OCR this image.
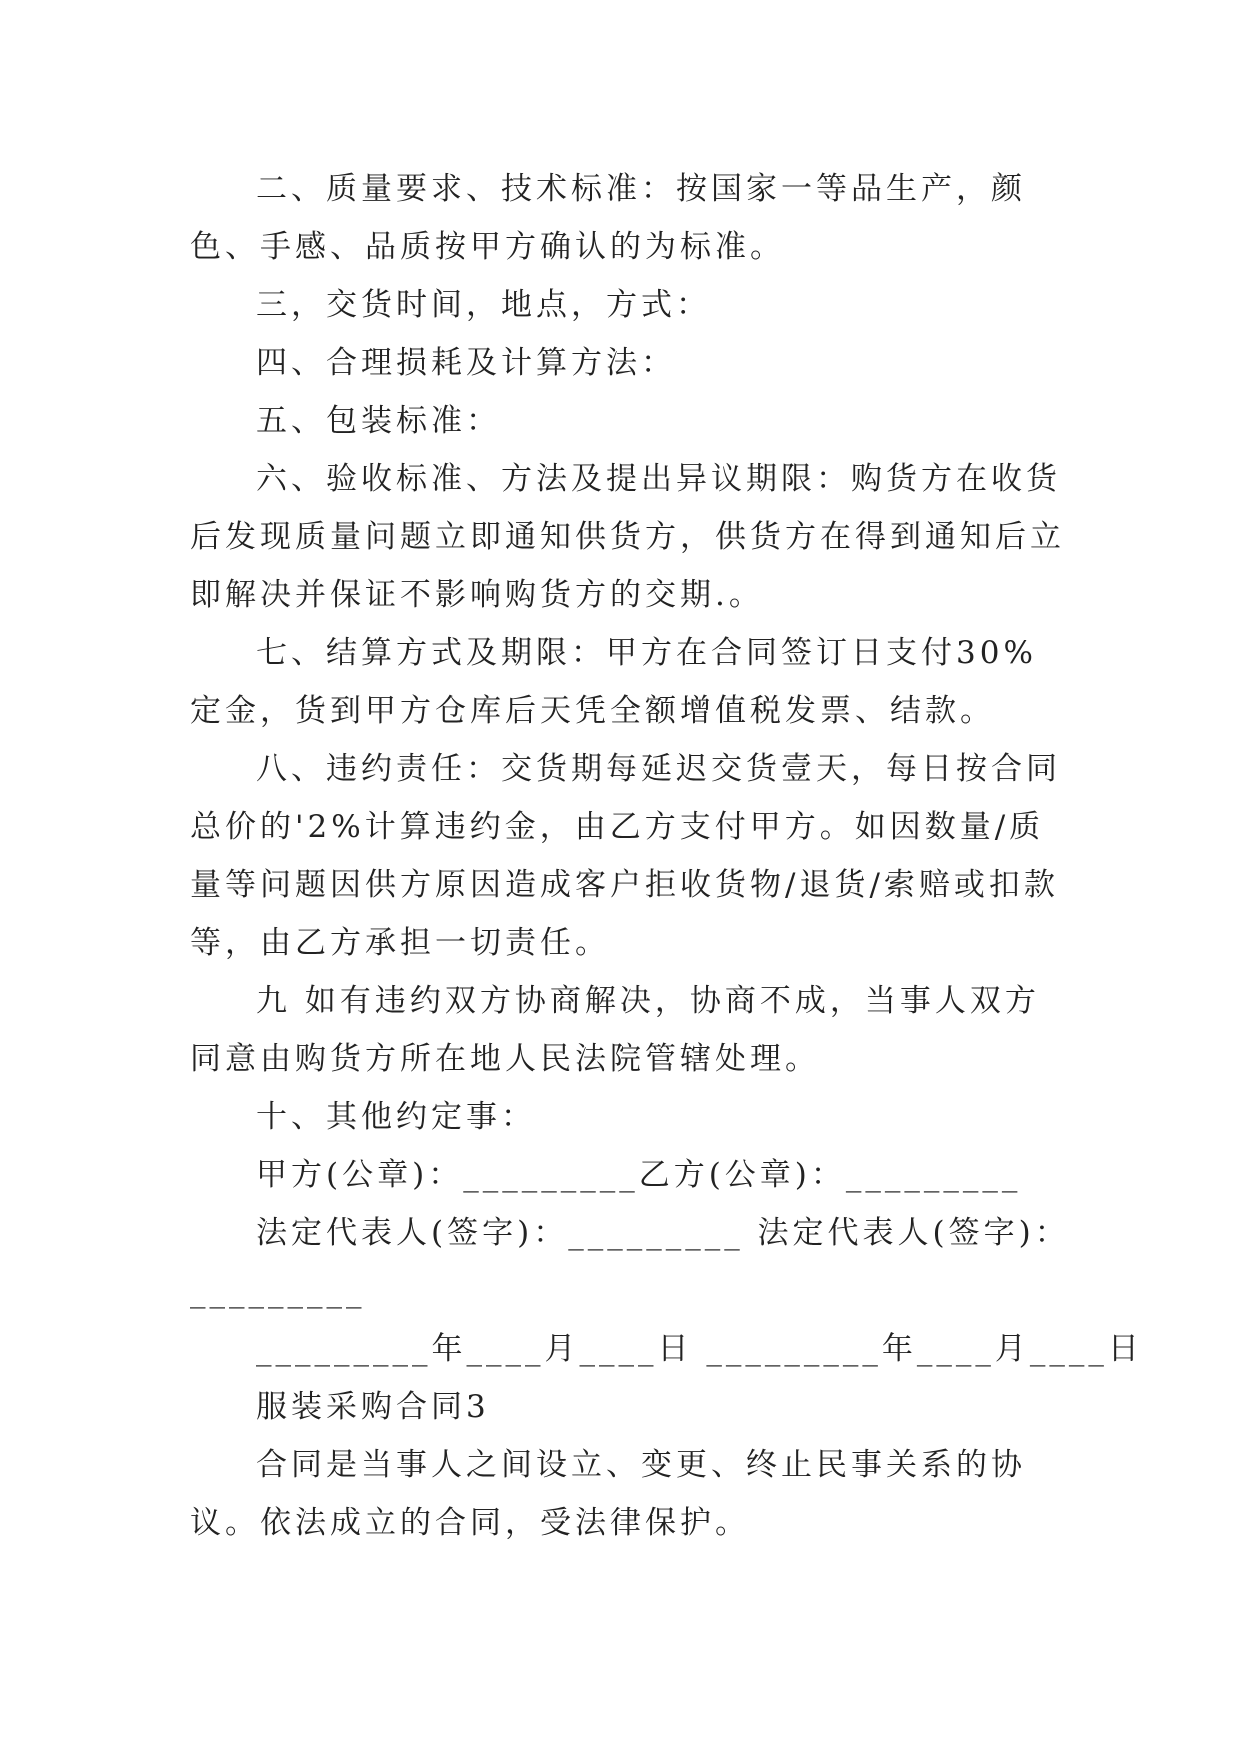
二、质量要求、技术标准：按国家一等品生产，颜色、手感、品质按甲方确认的为标准。

三，交货时间，地点，方式：

四、合理损耗及计算方法：

五、包装标准：

六、验收标准、方法及提出异议期限：购货方在收货后发现质量问题立即通知供货方，供货方在得到通知后立即解决并保证不影响购货方的交期.。

七、结算方式及期限：甲方在合同签订日支付30%定金，货到甲方仓库后天凭全额增值税发票、结款。

八、违约责任：交货期每延迟交货壹天，每日按合同总价的'2%计算违约金，由乙方支付甲方。如因数量/质量等问题因供方原因造成客户拒收货物/退货/索赔或扣款等，由乙方承担一切责任。

九 如有违约双方协商解决，协商不成，当事人双方同意由购货方所在地人民法院管辖处理。

十、其他约定事：

甲方(公章)：_________乙方(公章)：_________

法定代表人(签字)：_________ 法定代表人(签字)：

_________

_________年____月____日 _________年____月____日

服装采购合同3

合同是当事人之间设立、变更、终止民事关系的协议。依法成立的合同，受法律保护。
